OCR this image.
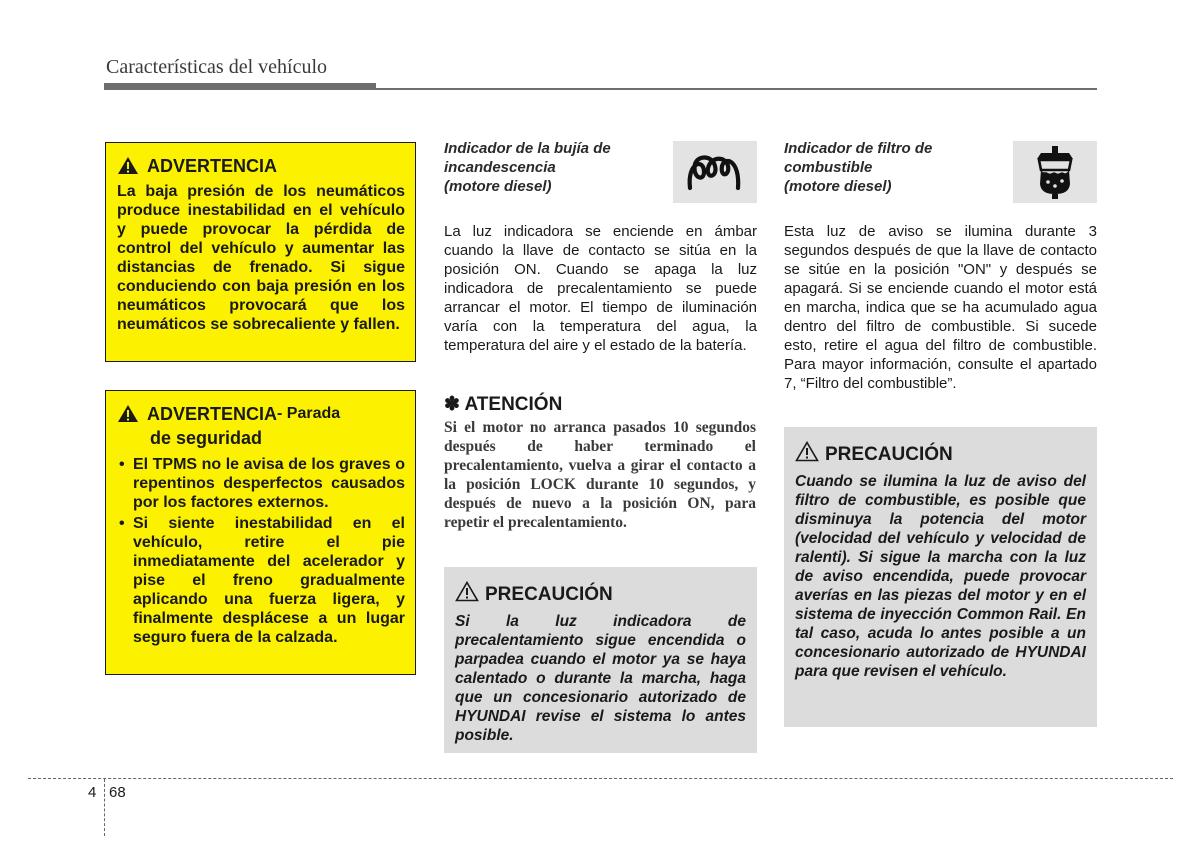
Características del vehículo
ADVERTENCIA
La baja presión de los neumáticos produce inestabilidad en el vehículo y puede provocar la pérdida de control del vehículo y aumentar las distancias de frenado. Si sigue conduciendo con baja presión en los neumáticos provocará que los neumáticos se sobrecaliente y fallen.
ADVERTENCIA - Parada
de seguridad
• El TPMS no le avisa de los graves o repentinos desperfectos causados por los factores externos.
• Si siente inestabilidad en el vehículo, retire el pie inmediatamente del acelerador y pise el freno gradualmente aplicando una fuerza ligera, y finalmente desplácese a un lugar seguro fuera de la calzada.
Indicador de la bujía de
incandescencia
(motore diesel)
La luz indicadora se enciende en ámbar cuando la llave de contacto se sitúa en la posición ON. Cuando se apaga la luz indicadora de precalentamiento se puede arrancar el motor. El tiempo de iluminación varía con la temperatura del agua, la temperatura del aire y el estado de la batería.
✽ ATENCIÓN
Si el motor no arranca pasados 10 segundos después de haber terminado el precalentamiento, vuelva a girar el contacto a la posición LOCK durante 10 segundos, y después de nuevo a la posición ON, para repetir el precalentamiento.
PRECAUCIÓN
Si la luz indicadora de precalentamiento sigue encendida o parpadea cuando el motor ya se haya calentado o durante la marcha, haga que un concesionario autorizado de HYUNDAI revise el sistema lo antes posible.
Indicador de filtro de
combustible
(motore diesel)
Esta luz de aviso se ilumina durante 3 segundos después de que la llave de contacto se sitúe en la posición "ON" y después se apagará. Si se enciende cuando el motor está en marcha, indica que se ha acumulado agua dentro del filtro de combustible. Si sucede esto, retire el agua del filtro de combustible. Para mayor información, consulte el apartado 7, “Filtro del combustible”.
PRECAUCIÓN
Cuando se ilumina la luz de aviso del filtro de combustible, es posible que disminuya la potencia del motor (velocidad del vehículo y velocidad de ralenti). Si sigue la marcha con la luz de aviso encendida, puede provocar averías en las piezas del motor y en el sistema de inyección Common Rail. En tal caso, acuda lo antes posible a un concesionario autorizado de HYUNDAI para que revisen el vehículo.
4 68
